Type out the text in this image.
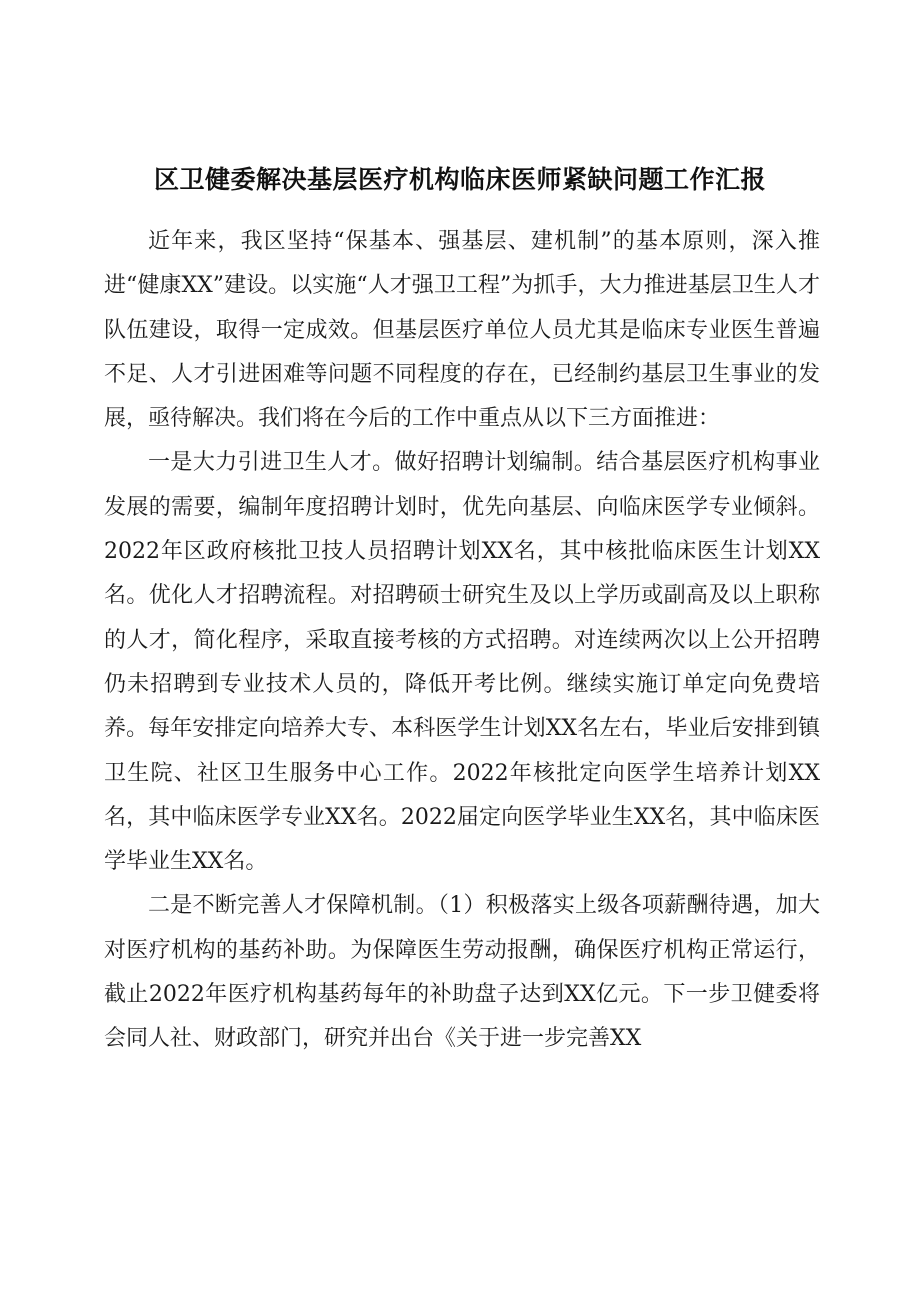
区卫健委解决基层医疗机构临床医师紧缺问题工作汇报

近年来，我区坚持“保基本、强基层、建机制”的基本原则，深入推进“健康XX”建设。以实施“人才强卫工程”为抓手，大力推进基层卫生人才队伍建设，取得一定成效。但基层医疗单位人员尤其是临床专业医生普遍不足、人才引进困难等问题不同程度的存在，已经制约基层卫生事业的发展，亟待解决。我们将在今后的工作中重点从以下三方面推进：

一是大力引进卫生人才。做好招聘计划编制。结合基层医疗机构事业发展的需要，编制年度招聘计划时，优先向基层、向临床医学专业倾斜。2022年区政府核批卫技人员招聘计划XX名，其中核批临床医生计划XX名。优化人才招聘流程。对招聘硕士研究生及以上学历或副高及以上职称的人才，简化程序，采取直接考核的方式招聘。对连续两次以上公开招聘仍未招聘到专业技术人员的，降低开考比例。继续实施订单定向免费培养。每年安排定向培养大专、本科医学生计划XX名左右，毕业后安排到镇卫生院、社区卫生服务中心工作。2022年核批定向医学生培养计划XX名，其中临床医学专业XX名。2022届定向医学毕业生XX名，其中临床医学毕业生XX名。

二是不断完善人才保障机制。（1）积极落实上级各项薪酬待遇，加大对医疗机构的基药补助。为保障医生劳动报酬，确保医疗机构正常运行，截止2022年医疗机构基药每年的补助盘子达到XX亿元。下一步卫健委将会同人社、财政部门，研究并出台《关于进一步完善XX
